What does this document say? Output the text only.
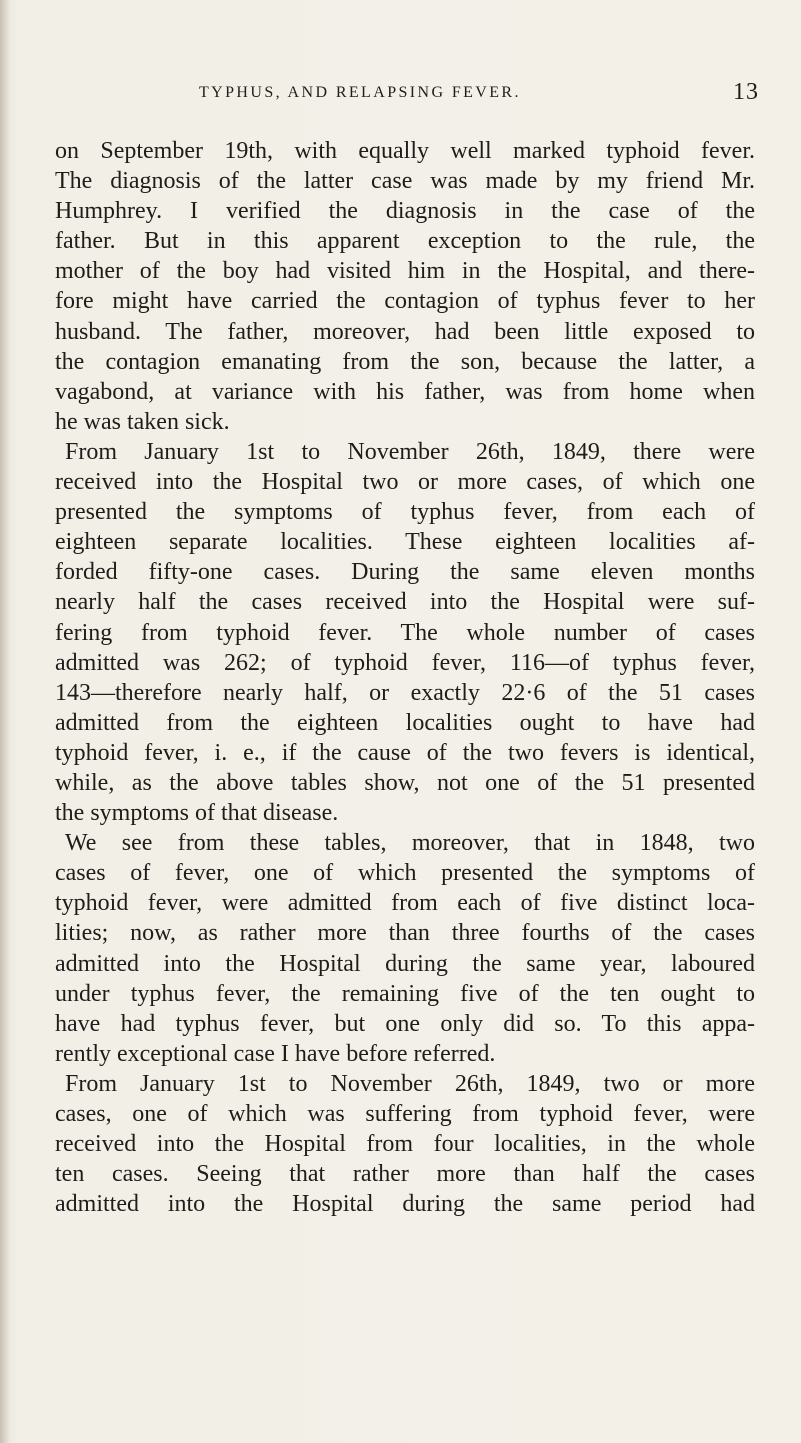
TYPHUS, AND RELAPSING FEVER.	13

on September 19th, with equally well marked typhoid fever.
The diagnosis of the latter case was made by my friend Mr.
Humphrey. I verified the diagnosis in the case of the
father. But in this apparent exception to the rule, the
mother of the boy had visited him in the Hospital, and there-
fore might have carried the contagion of typhus fever to her
husband. The father, moreover, had been little exposed to
the contagion emanating from the son, because the latter, a
vagabond, at variance with his father, was from home when
he was taken sick.

From January 1st to November 26th, 1849, there were
received into the Hospital two or more cases, of which one
presented the symptoms of typhus fever, from each of
eighteen separate localities. These eighteen localities af-
forded fifty-one cases. During the same eleven months
nearly half the cases received into the Hospital were suf-
fering from typhoid fever. The whole number of cases
admitted was 262; of typhoid fever, 116—of typhus fever,
143—therefore nearly half, or exactly 22·6 of the 51 cases
admitted from the eighteen localities ought to have had
typhoid fever, i. e., if the cause of the two fevers is identical,
while, as the above tables show, not one of the 51 presented
the symptoms of that disease.

We see from these tables, moreover, that in 1848, two
cases of fever, one of which presented the symptoms of
typhoid fever, were admitted from each of five distinct loca-
lities; now, as rather more than three fourths of the cases
admitted into the Hospital during the same year, laboured
under typhus fever, the remaining five of the ten ought to
have had typhus fever, but one only did so. To this appa-
rently exceptional case I have before referred.

From January 1st to November 26th, 1849, two or more
cases, one of which was suffering from typhoid fever, were
received into the Hospital from four localities, in the whole
ten cases. Seeing that rather more than half the cases
admitted into the Hospital during the same period had
